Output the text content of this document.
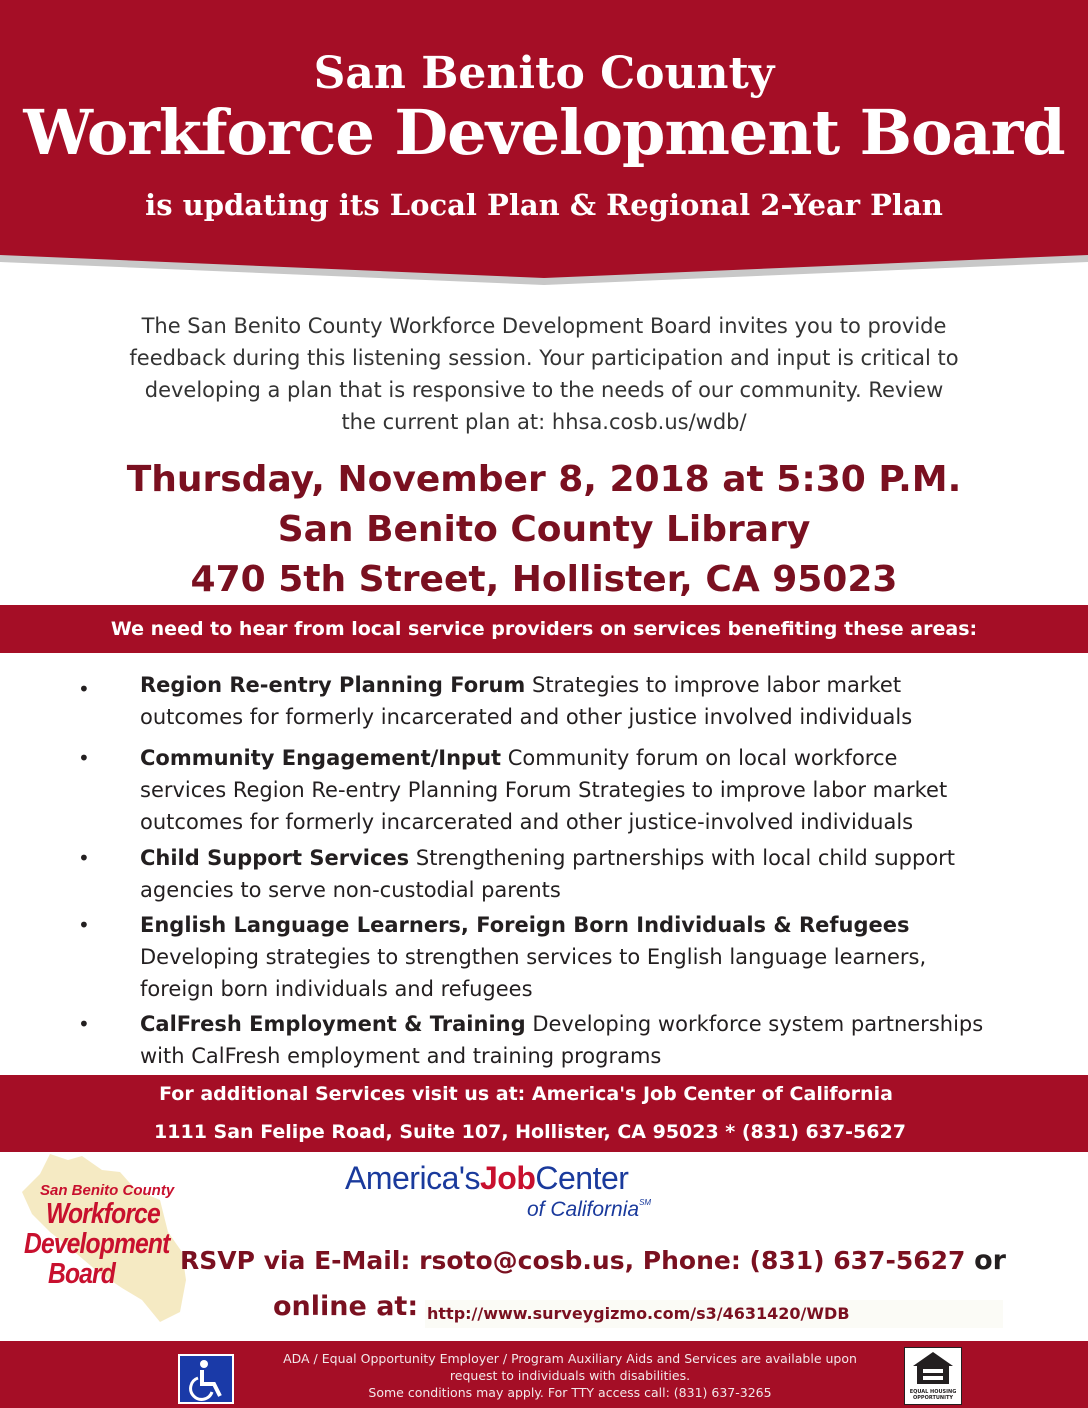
San Benito County
Workforce Development Board
is updating its Local Plan & Regional 2-Year Plan
The San Benito County Workforce Development Board invites you to provide
feedback during this listening session. Your participation and input is critical to
developing a plan that is responsive to the needs of our community. Review
the current plan at: hhsa.cosb.us/wdb/
Thursday, November 8, 2018 at 5:30 P.M.
San Benito County Library
470 5th Street, Hollister, CA 95023
We need to hear from local service providers on services benefiting these areas:
• Region Re-entry Planning Forum Strategies to improve labor market
outcomes for formerly incarcerated and other justice involved individuals
• Community Engagement/Input Community forum on local workforce
services Region Re-entry Planning Forum Strategies to improve labor market
outcomes for formerly incarcerated and other justice-involved individuals
• Child Support Services Strengthening partnerships with local child support
agencies to serve non-custodial parents
• English Language Learners, Foreign Born Individuals & Refugees
Developing strategies to strengthen services to English language learners,
foreign born individuals and refugees
• CalFresh Employment & Training Developing workforce system partnerships
with CalFresh employment and training programs
For additional Services visit us at: America's Job Center of California
1111 San Felipe Road, Suite 107, Hollister, CA 95023 * (831) 637-5627
San Benito County
Workforce
Development
Board
America'sJobCenter
of California℠
RSVP via E-Mail: rsoto@cosb.us, Phone: (831) 637-5627 or
online at: http://www.surveygizmo.com/s3/4631420/WDB
ADA / Equal Opportunity Employer / Program Auxiliary Aids and Services are available upon
request to individuals with disabilities.
Some conditions may apply. For TTY access call: (831) 637-3265	EQUAL HOUSING OPPORTUNITY
